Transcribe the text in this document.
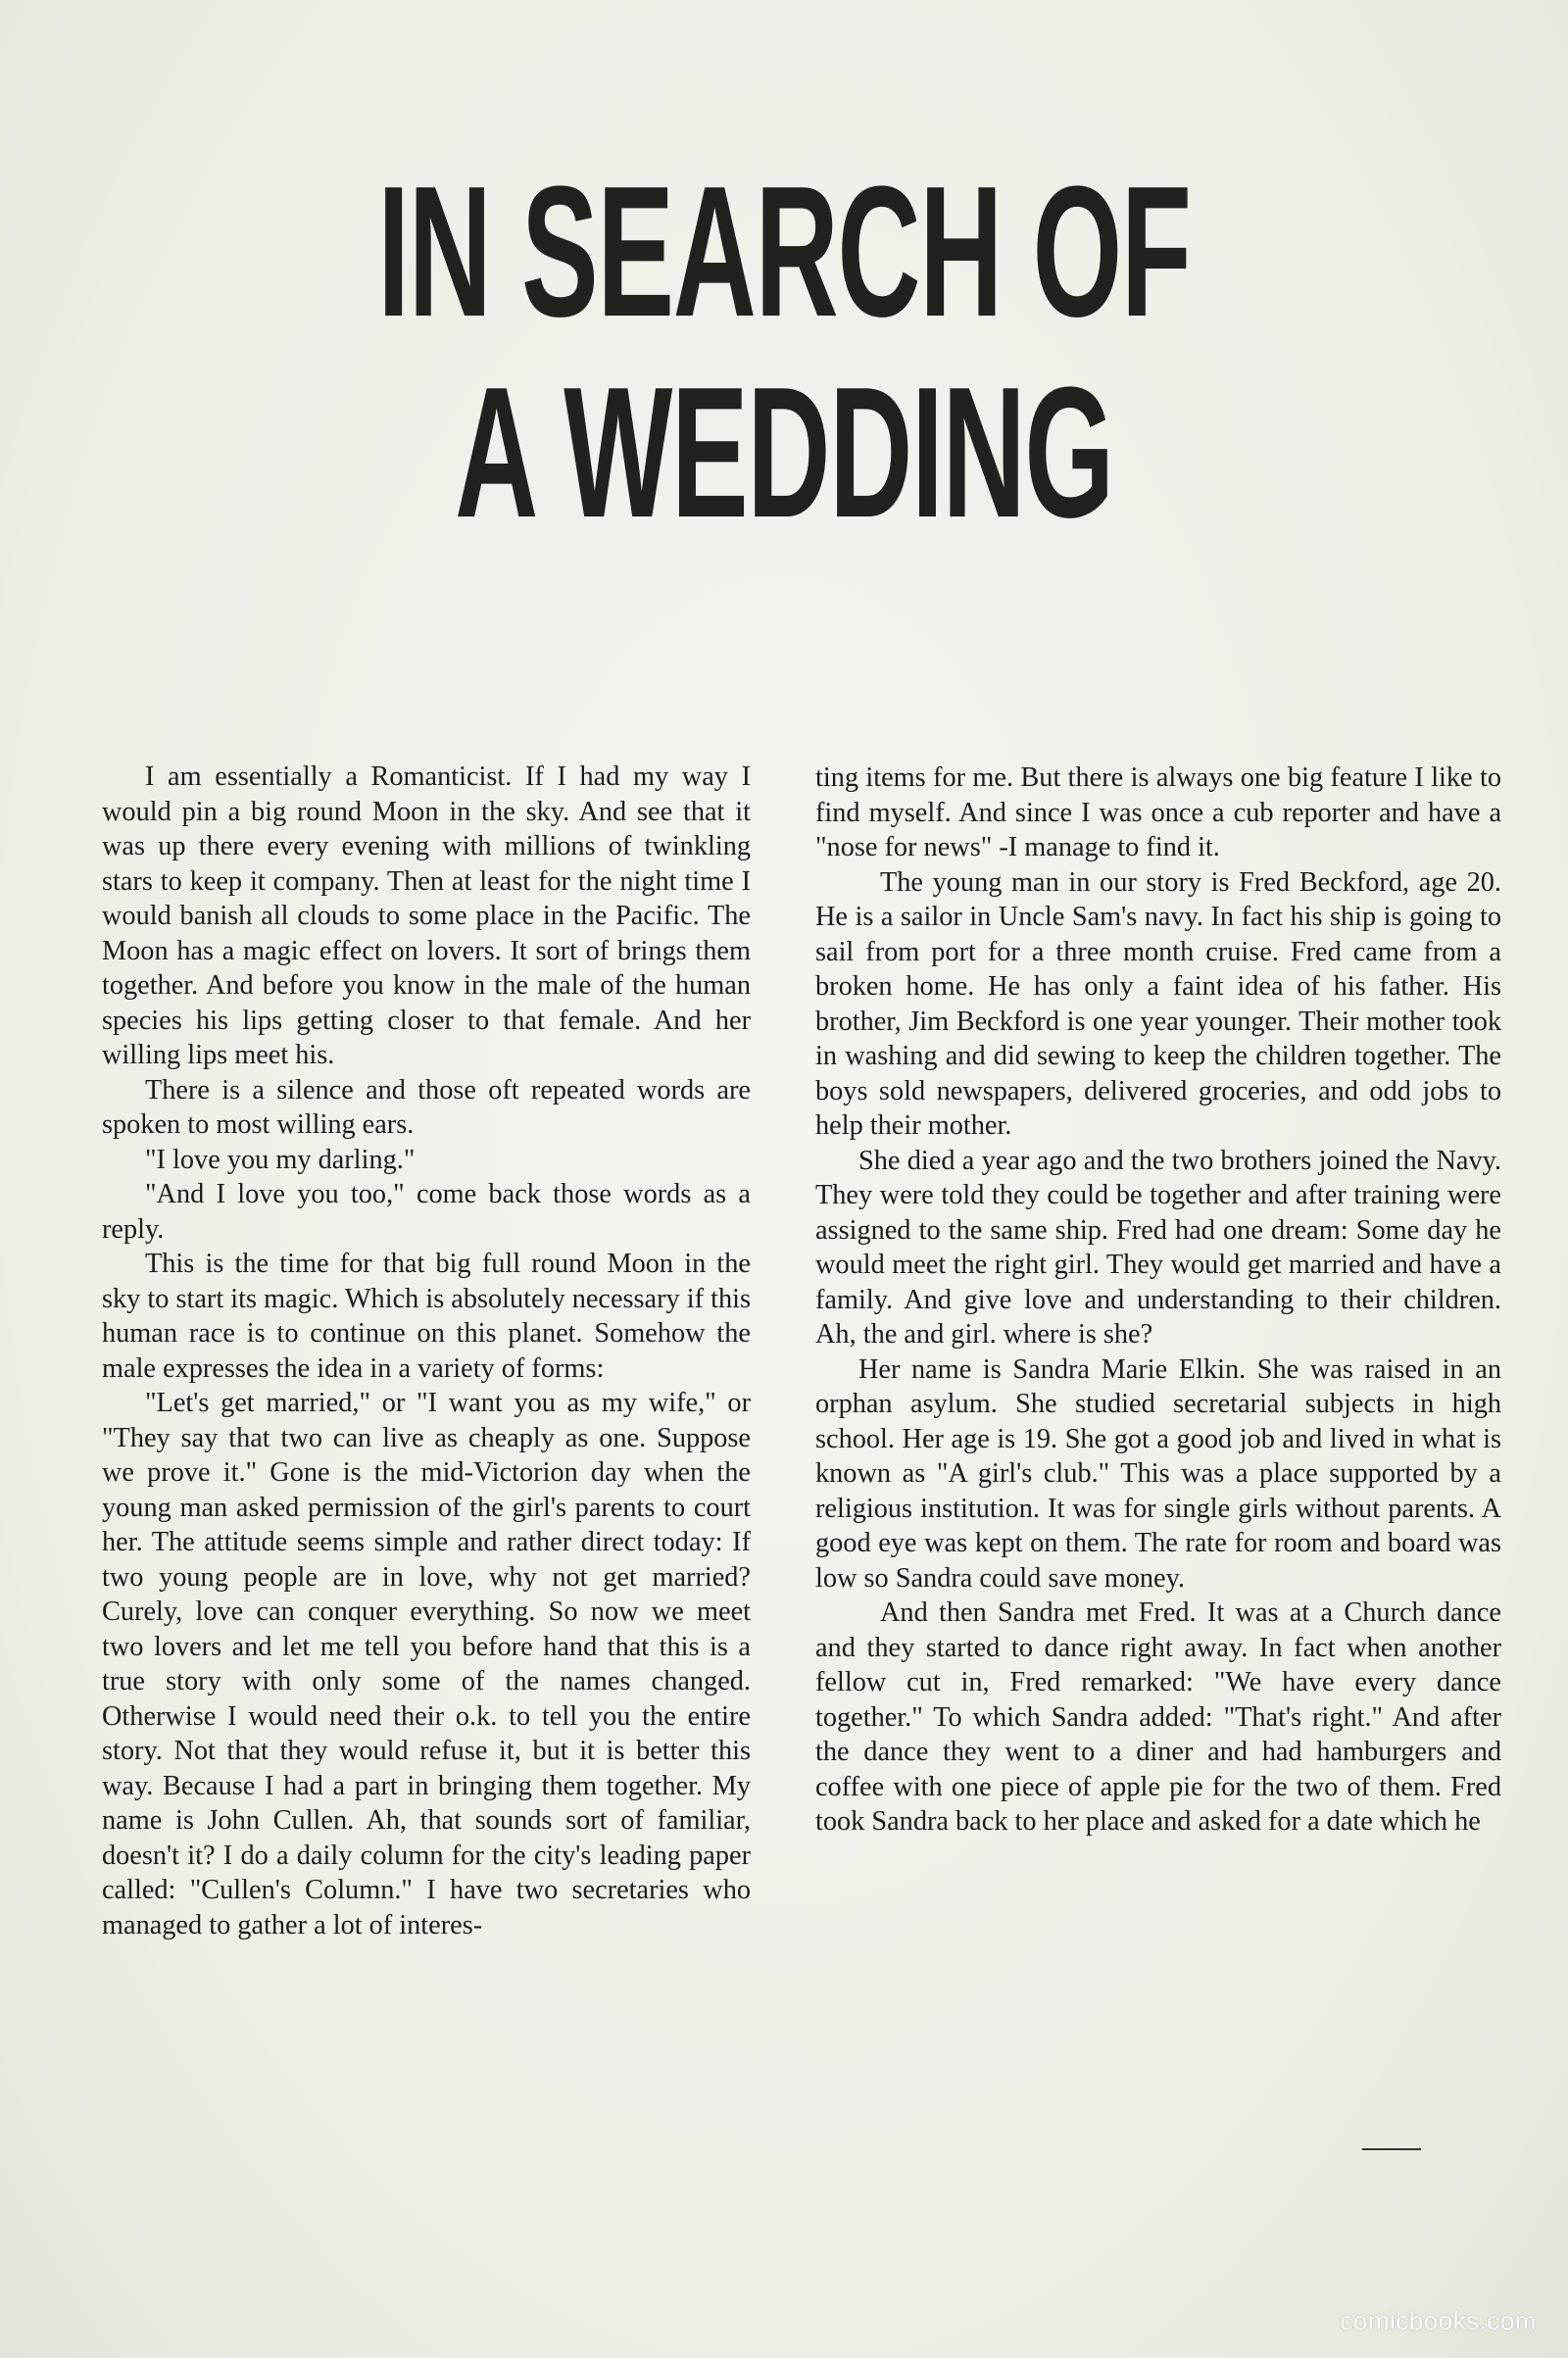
IN SEARCH OF
A WEDDING

I am essentially a Romanticist. If I had my way I would pin a big round Moon in the sky. And see that it was up there every evening with millions of twinkling stars to keep it company. Then at least for the night time I would banish all clouds to some place in the Pacific. The Moon has a magic effect on lovers. It sort of brings them together. And before you know in the male of the human species his lips getting closer to that female. And her willing lips meet his.

There is a silence and those oft repeated words are spoken to most willing ears.

"I love you my darling."

"And I love you too," come back those words as a reply.

This is the time for that big full round Moon in the sky to start its magic. Which is absolutely necessary if this human race is to continue on this planet. Somehow the male expresses the idea in a variety of forms:

"Let's get married," or "I want you as my wife," or "They say that two can live as cheaply as one. Suppose we prove it." Gone is the mid-Victorion day when the young man asked permission of the girl's parents to court her. The attitude seems simple and rather direct today: If two young people are in love, why not get married? Curely, love can conquer everything. So now we meet two lovers and let me tell you before hand that this is a true story with only some of the names changed. Otherwise I would need their o.k. to tell you the entire story. Not that they would refuse it, but it is better this way. Because I had a part in bringing them together. My name is John Cullen. Ah, that sounds sort of familiar, doesn't it? I do a daily column for the city's leading paper called: "Cullen's Column." I have two secretaries who managed to gather a lot of interes-

ting items for me. But there is always one big feature I like to find myself. And since I was once a cub reporter and have a "nose for news" -I manage to find it.

The young man in our story is Fred Beckford, age 20. He is a sailor in Uncle Sam's navy. In fact his ship is going to sail from port for a three month cruise. Fred came from a broken home. He has only a faint idea of his father. His brother, Jim Beckford is one year younger. Their mother took in washing and did sewing to keep the children together. The boys sold newspapers, delivered groceries, and odd jobs to help their mother.

She died a year ago and the two brothers joined the Navy. They were told they could be together and after training were assigned to the same ship. Fred had one dream: Some day he would meet the right girl. They would get married and have a family. And give love and understanding to their children. Ah, the and girl. where is she?

Her name is Sandra Marie Elkin. She was raised in an orphan asylum. She studied secretarial subjects in high school. Her age is 19. She got a good job and lived in what is known as "A girl's club." This was a place supported by a religious institution. It was for single girls without parents. A good eye was kept on them. The rate for room and board was low so Sandra could save money.

And then Sandra met Fred. It was at a Church dance and they started to dance right away. In fact when another fellow cut in, Fred remarked: "We have every dance together." To which Sandra added: "That's right." And after the dance they went to a diner and had hamburgers and coffee with one piece of apple pie for the two of them. Fred took Sandra back to her place and asked for a date which he

comicbooks.com
